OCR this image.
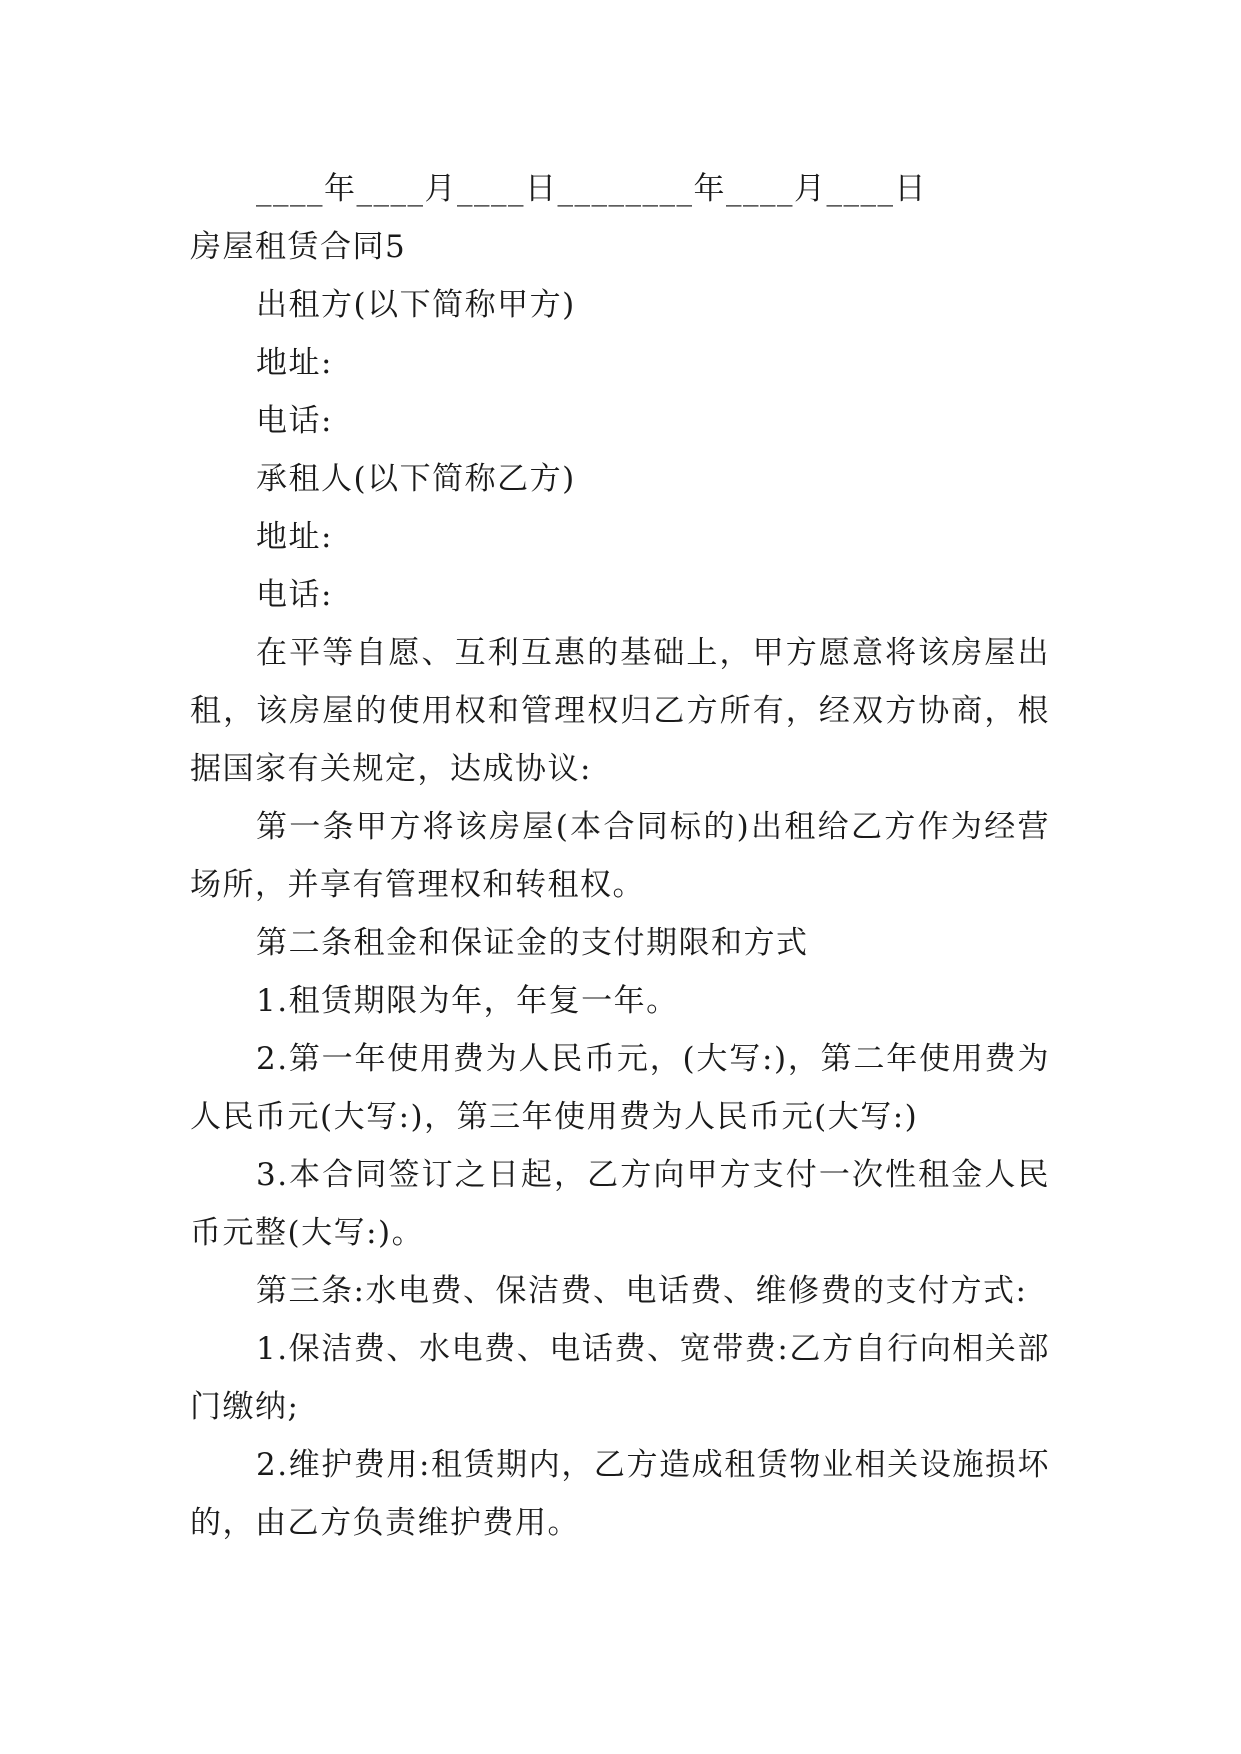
____年____月____日________年____月____日
房屋租赁合同5
出租方(以下简称甲方)
地址:
电话:
承租人(以下简称乙方)
地址:
电话:

在平等自愿、互利互惠的基础上，甲方愿意将该房屋出租，该房屋的使用权和管理权归乙方所有，经双方协商，根据国家有关规定，达成协议:

第一条甲方将该房屋(本合同标的)出租给乙方作为经营场所，并享有管理权和转租权。

第二条租金和保证金的支付期限和方式

1.租赁期限为年，年复一年。

2.第一年使用费为人民币元，(大写:)，第二年使用费为人民币元(大写:)，第三年使用费为人民币元(大写:)

3.本合同签订之日起，乙方向甲方支付一次性租金人民币元整(大写:)。

第三条:水电费、保洁费、电话费、维修费的支付方式:

1.保洁费、水电费、电话费、宽带费:乙方自行向相关部门缴纳;

2.维护费用:租赁期内，乙方造成租赁物业相关设施损坏的，由乙方负责维护费用。
